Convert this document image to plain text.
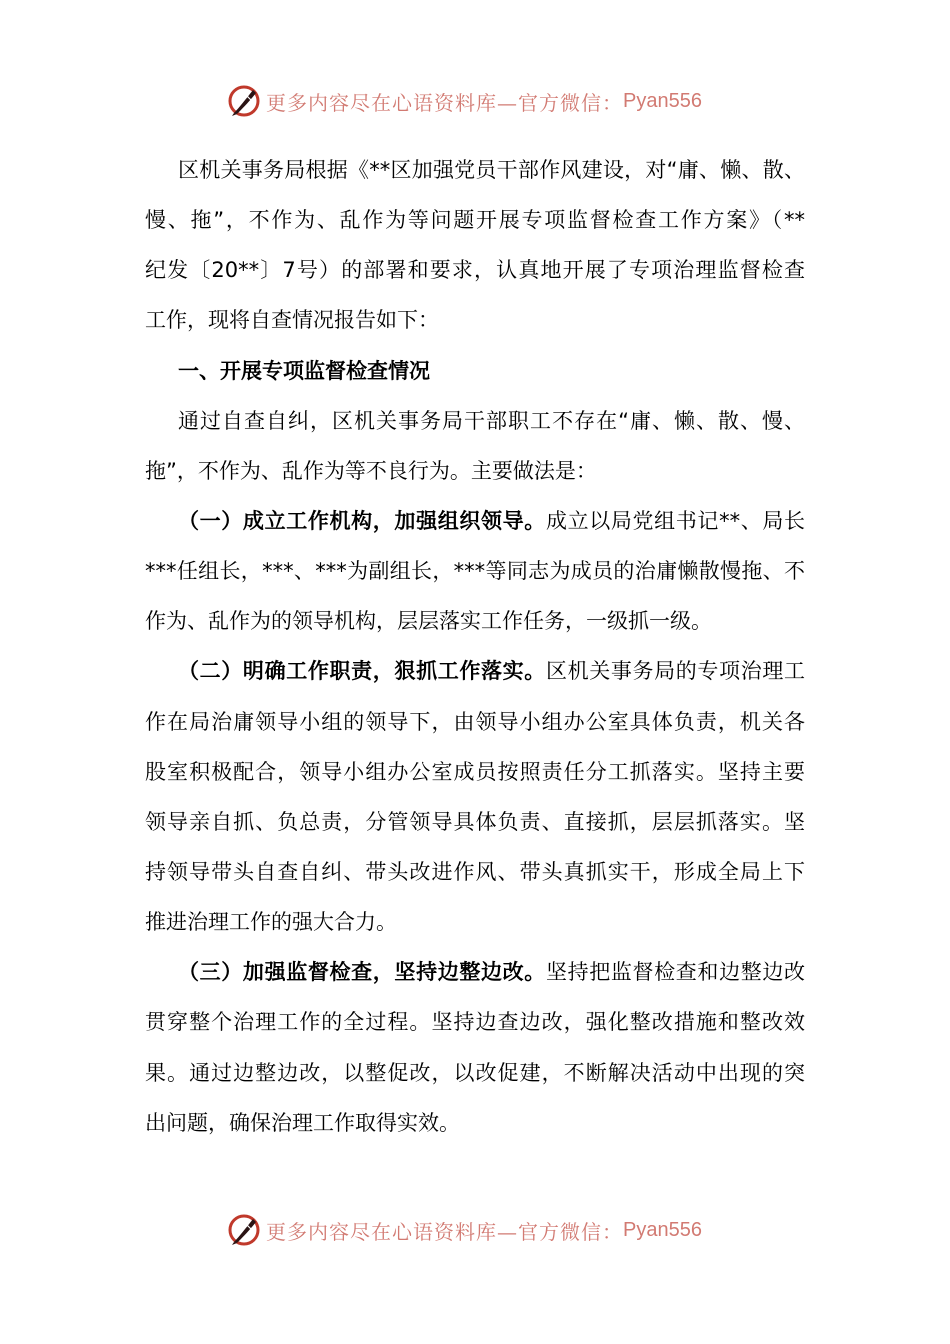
更多内容尽在心语资料库—官方微信： Pyan556

区机关事务局根据《**区加强党员干部作风建设，对“庸、懒、散、
慢、拖”，不作为、乱作为等问题开展专项监督检查工作方案》（**
纪发〔20**〕7号）的部署和要求，认真地开展了专项治理监督检查
工作，现将自查情况报告如下：

一、开展专项监督检查情况

通过自查自纠，区机关事务局干部职工不存在“庸、懒、散、慢、
拖”，不作为、乱作为等不良行为。主要做法是：

（一）成立工作机构，加强组织领导。成立以局党组书记**、局长
***任组长，***、***为副组长，***等同志为成员的治庸懒散慢拖、不
作为、乱作为的领导机构，层层落实工作任务，一级抓一级。

（二）明确工作职责，狠抓工作落实。区机关事务局的专项治理工
作在局治庸领导小组的领导下，由领导小组办公室具体负责，机关各
股室积极配合，领导小组办公室成员按照责任分工抓落实。坚持主要
领导亲自抓、负总责，分管领导具体负责、直接抓，层层抓落实。坚
持领导带头自查自纠、带头改进作风、带头真抓实干，形成全局上下
推进治理工作的强大合力。

（三）加强监督检查，坚持边整边改。坚持把监督检查和边整边改
贯穿整个治理工作的全过程。坚持边查边改，强化整改措施和整改效
果。通过边整边改，以整促改，以改促建，不断解决活动中出现的突
出问题，确保治理工作取得实效。

更多内容尽在心语资料库—官方微信： Pyan556
